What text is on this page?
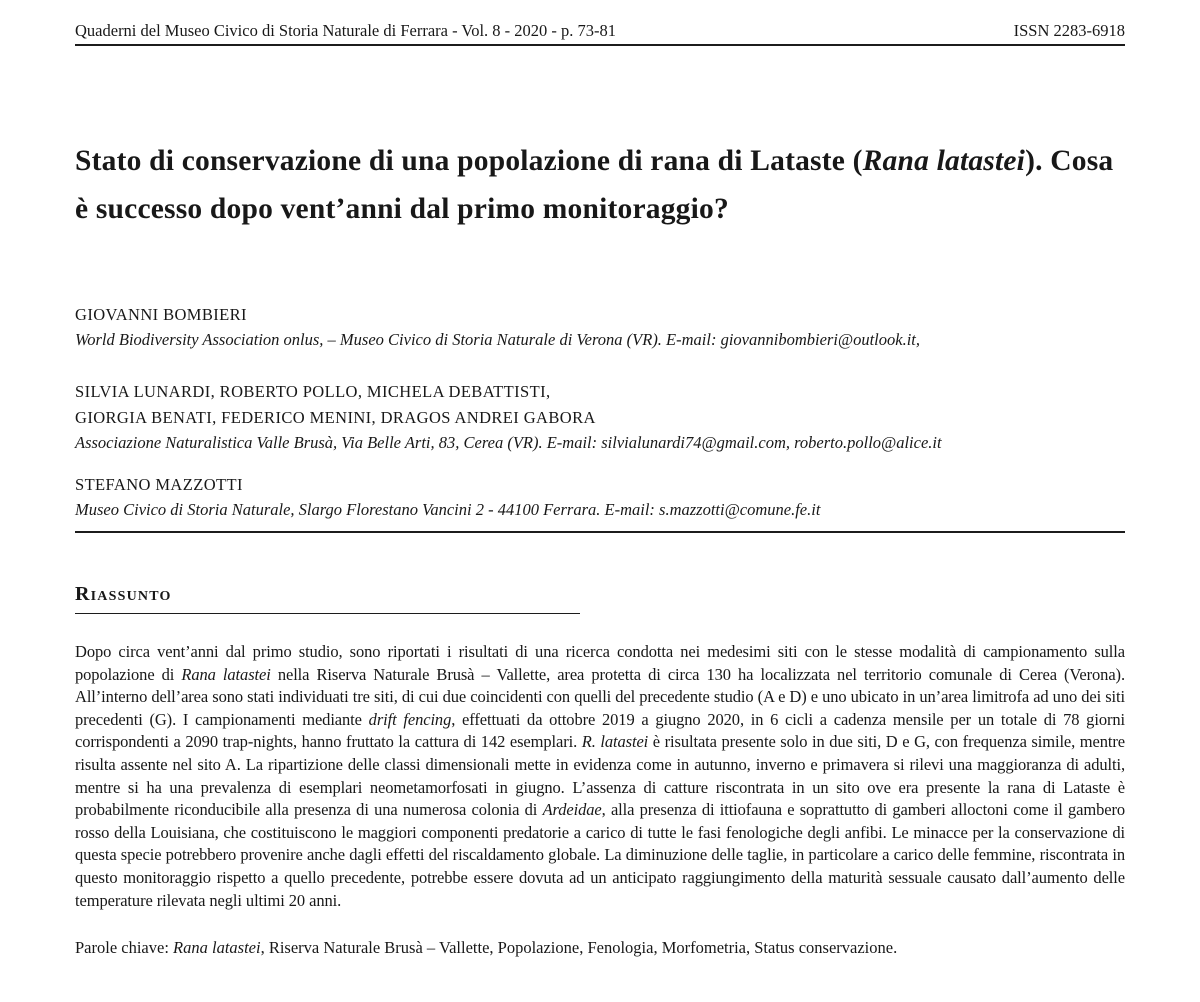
Quaderni del Museo Civico di Storia Naturale di Ferrara - Vol. 8 - 2020 - p. 73-81	ISSN 2283-6918
Stato di conservazione di una popolazione di rana di Lataste (Rana latastei). Cosa è successo dopo vent’anni dal primo monitoraggio?
GIOVANNI BOMBIERI
World Biodiversity Association onlus, – Museo Civico di Storia Naturale di Verona (VR). E-mail: giovannibombieri@outlook.it,
SILVIA LUNARDI, ROBERTO POLLO, MICHELA DEBATTISTI,
GIORGIA BENATI, FEDERICO MENINI, DRAGOS ANDREI GABORA
Associazione Naturalistica Valle Brusà, Via Belle Arti, 83, Cerea (VR). E-mail: silvialunardi74@gmail.com, roberto.pollo@alice.it
STEFANO MAZZOTTI
Museo Civico di Storia Naturale, Slargo Florestano Vancini 2 - 44100 Ferrara. E-mail: s.mazzotti@comune.fe.it
Riassunto

Dopo circa vent’anni dal primo studio, sono riportati i risultati di una ricerca condotta nei medesimi siti con le stesse modalità di campionamento sulla popolazione di Rana latastei nella Riserva Naturale Brusà – Vallette, area protetta di circa 130 ha localizzata nel territorio comunale di Cerea (Verona). All’interno dell’area sono stati individuati tre siti, di cui due coincidenti con quelli del precedente studio (A e D) e uno ubicato in un’area limitrofa ad uno dei siti precedenti (G). I campionamenti mediante drift fencing, effettuati da ottobre 2019 a giugno 2020, in 6 cicli a cadenza mensile per un totale di 78 giorni corrispondenti a 2090 trap-nights, hanno fruttato la cattura di 142 esemplari. R. latastei è risultata presente solo in due siti, D e G, con frequenza simile, mentre risulta assente nel sito A. La ripartizione delle classi dimensionali mette in evidenza come in autunno, inverno e primavera si rilevi una maggioranza di adulti, mentre si ha una prevalenza di esemplari neometamorfosati in giugno. L’assenza di catture riscontrata in un sito ove era presente la rana di Lataste è probabilmente riconducibile alla presenza di una numerosa colonia di Ardeidae, alla presenza di ittiofauna e soprattutto di gamberi alloctoni come il gambero rosso della Louisiana, che costituiscono le maggiori componenti predatorie a carico di tutte le fasi fenologiche degli anfibi. Le minacce per la conservazione di questa specie potrebbero provenire anche dagli effetti del riscaldamento globale. La diminuzione delle taglie, in particolare a carico delle femmine, riscontrata in questo monitoraggio rispetto a quello precedente, potrebbe essere dovuta ad un anticipato raggiungimento della maturità sessuale causato dall’aumento delle temperature rilevata negli ultimi 20 anni.

Parole chiave: Rana latastei, Riserva Naturale Brusà – Vallette, Popolazione, Fenologia, Morfometria, Status conservazione.
